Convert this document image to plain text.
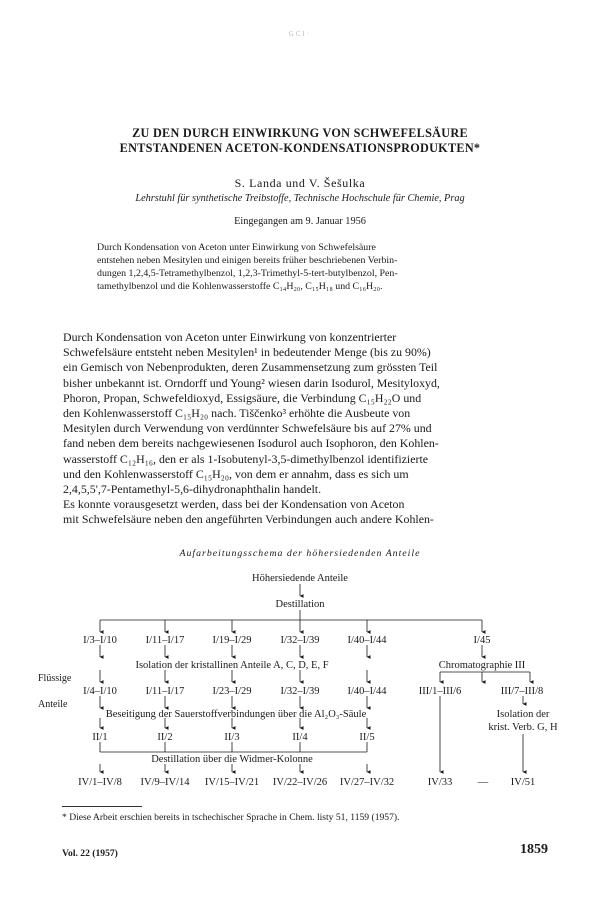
GCI·
ZU DEN DURCH EINWIRKUNG VON SCHWEFELSÄURE
ENTSTANDENEN ACETON-KONDENSATIONSPRODUKTEN*
S. Landa und V. Šešulka
Lehrstuhl für synthetische Treibstoffe, Technische Hochschule für Chemie, Prag
Eingegangen am 9. Januar 1956
Durch Kondensation von Aceton unter Einwirkung von Schwefelsäure
entstehen neben Mesitylen und einigen bereits früher beschriebenen Verbin-
dungen 1,2,4,5-Tetramethylbenzol, 1,2,3-Trimethyl-5-tert-butylbenzol, Pen-
tamethylbenzol und die Kohlenwasserstoffe C₁₄H₂₀, C₁₅H₁₈ und C₁₆H₂₀.
Durch Kondensation von Aceton unter Einwirkung von konzentrierter
Schwefelsäure entsteht neben Mesitylen¹ in bedeutender Menge (bis zu 90%)
ein Gemisch von Nebenprodukten, deren Zusammensetzung zum grössten Teil
bisher unbekannt ist. Orndorff und Young² wiesen darin Isodurol, Mesityloxyd,
Phoron, Propan, Schwefeldioxyd, Essigsäure, die Verbindung C₁₅H₂₂O und
den Kohlenwasserstoff C₁₅H₂₀ nach. Tiščenko³ erhöhte die Ausbeute von
Mesitylen durch Verwendung von verdünnter Schwefelsäure bis auf 27% und
fand neben dem bereits nachgewiesenen Isodurol auch Isophoron, den Kohlen-
wasserstoff C₁₂H₁₆, den er als 1-Isobutenyl-3,5-dimethylbenzol identifizierte
und den Kohlenwasserstoff C₁₅H₂₀, von dem er annahm, dass es sich um
2,4,5,5',7-Pentamethyl-5,6-dihydronaphthalin handelt.
Es konnte vorausgesetzt werden, dass bei der Kondensation von Aceton
mit Schwefelsäure neben den angeführten Verbindungen auch andere Kohlen-
Aufarbeitungsschema der höhersiedenden Anteile
Höhersiedende Anteile
Destillation
I/3–I/10	I/11–I/17	I/19–I/29	I/32–I/39	I/40–I/44	I/45
Isolation der kristallinen Anteile A, C, D, E, F	Chromatographie III
I/4–I/10	I/11–I/17	I/23–I/29	I/32–I/39	I/40–I/44
Beseitigung der Sauerstoffverbindungen über die Al₂O₃-Säule
II/1	II/2	II/3	II/4	II/5
Destillation über die Widmer-Kolonne
IV/1–IV/8 IV/9–IV/14 IV/15–IV/21 IV/22–IV/26 IV/27–IV/32	IV/33 — IV/51
III/1–III/6	III/7–III/8
Isolation der
krist. Verb. G, H
Flüssige
Anteile
* Diese Arbeit erschien bereits in tschechischer Sprache in Chem. listy 51, 1159 (1957).
Vol. 22 (1957)	1859
